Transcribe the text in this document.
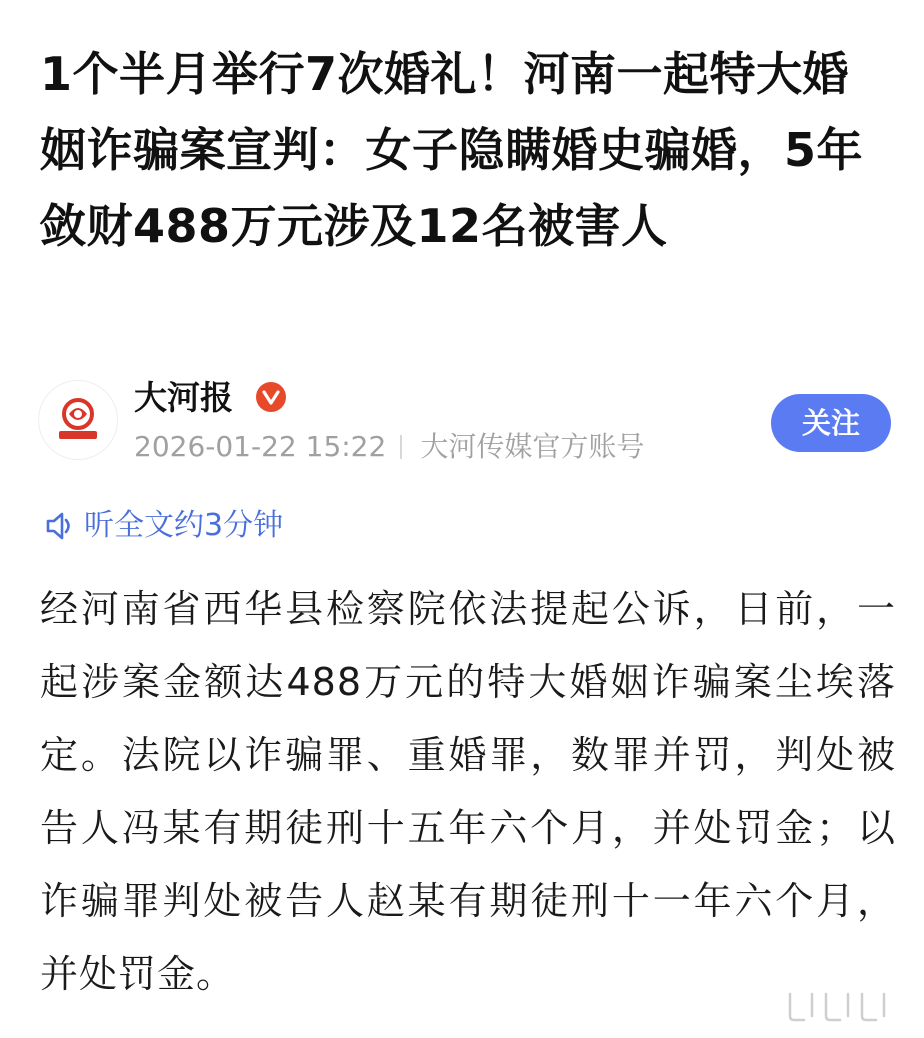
1个半月举行7次婚礼！河南一起特大婚姻诈骗案宣判：女子隐瞒婚史骗婚，5年敛财488万元涉及12名被害人
大河报
2026-01-22 15:22 大河传媒官方账号
关注
听全文约3分钟

经河南省西华县检察院依法提起公诉，日前，一起涉案金额达488万元的特大婚姻诈骗案尘埃落定。法院以诈骗罪、重婚罪，数罪并罚，判处被告人冯某有期徒刑十五年六个月，并处罚金；以诈骗罪判处被告人赵某有期徒刑十一年六个月，并处罚金。
